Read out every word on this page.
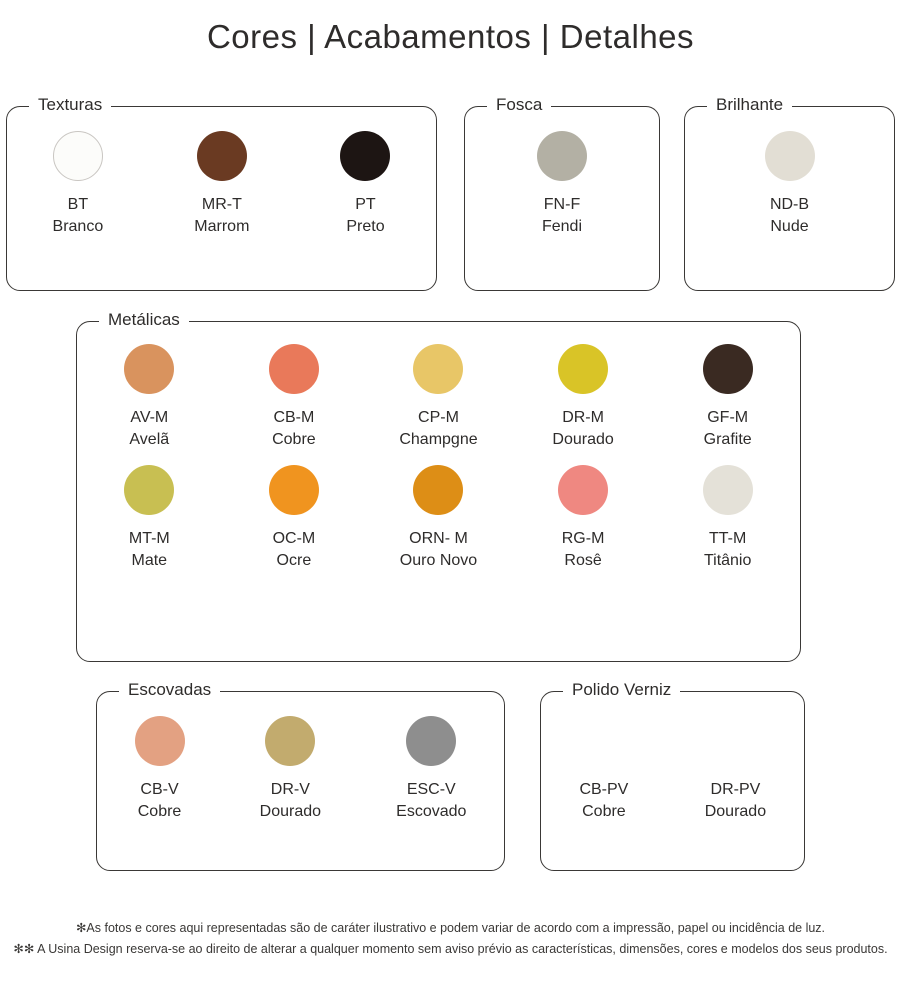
Cores | Acabamentos | Detalhes
Texturas
BT
Branco
MR-T
Marrom
PT
Preto
Fosca
FN-F
Fendi
Brilhante
ND-B
Nude
Metálicas
AV-M
Avelã
CB-M
Cobre
CP-M
Champgne
DR-M
Dourado
GF-M
Grafite
MT-M
Mate
OC-M
Ocre
ORN- M
Ouro Novo
RG-M
Rosê
TT-M
Titânio
Escovadas
CB-V
Cobre
DR-V
Dourado
ESC-V
Escovado
Polido Verniz
CB-PV
Cobre
DR-PV
Dourado
✻As fotos e cores aqui representadas são de caráter ilustrativo e podem variar de acordo com a impressão, papel ou incidência de luz.
✻✻ A Usina Design reserva-se ao direito de alterar a qualquer momento sem aviso prévio as características, dimensões, cores e modelos dos seus produtos.
